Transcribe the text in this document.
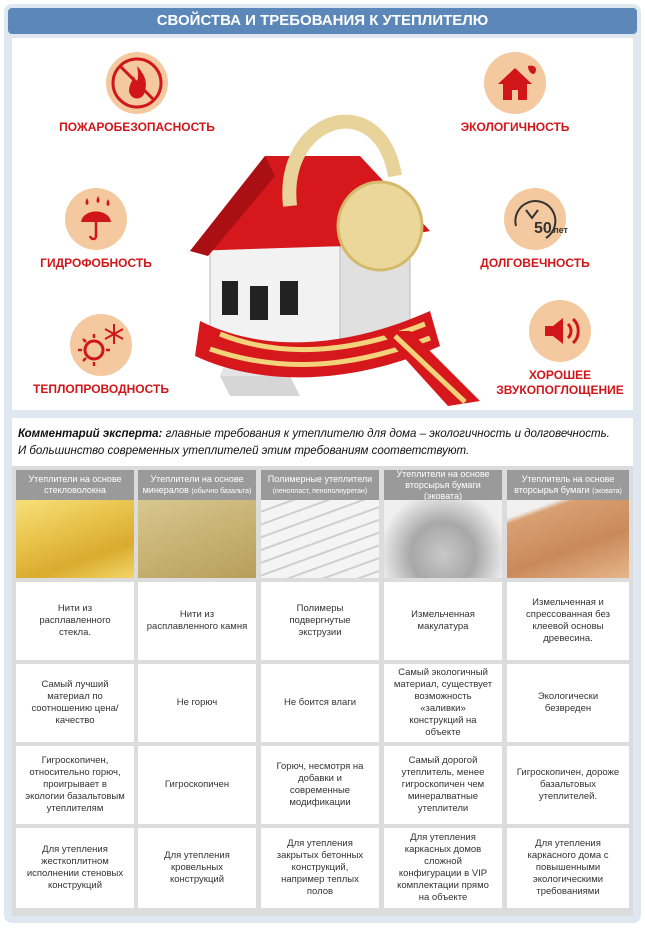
СВОЙСТВА И ТРЕБОВАНИЯ К УТЕПЛИТЕЛЮ
ПОЖАРОБЕЗОПАСНОСТЬ	ЭКОЛОГИЧНОСТЬ
ГИДРОФОБНОСТЬ
50 лет
ДОЛГОВЕЧНОСТЬ
ТЕПЛОПРОВОДНОСТЬ
ХОРОШЕЕ
ЗВУКОПОГЛОЩЕНИЕ
Комментарий эксперта: главные требования к утеплителю для дома – экологичность и долговечность.
И большинство современных утеплителей этим требованиям соответствуют.
Утеплители на основе стекловолокна
Утеплители на основе минералов (обычно базальта)
Полимерные утеплители
(пенопласт, пенополиуретан)
Утеплители на основе вторсырья бумаги (эковата)
Утеплитель на основе вторсырья бумаги (эковата)
Нити из расплавленного стекла.
Нити из расплавленного камня
Полимеры подвергнутые экструзии
Измельченная макулатура
Измельченная и спрессованная без клеевой основы древесина.
Самый лучший материал по соотношению цена/качество
Не горюч	Не боится влаги
Самый экологичный материал, существует возможность «заливки» конструкций на объекте
Экологически безвреден
Гигроскопичен, относительно горюч, проигрывает в экологии базальтовым утеплителям
Гигроскопичен
Горюч, несмотря на добавки и современные модификации
Самый дорогой утеплитель, менее гигроскопичен чем минералватные утеплители
Гигроскопичен, дороже базальтовых утеплителей.
Для утепления жесткоплитном исполнении стеновых конструкций
Для утепления кровельных конструкций
Для утепления закрытых бетонных конструкций, например теплых полов
Для утепления каркасных домов сложной конфигурации в VIP комплектации прямо на объекте
Для утепления каркасного дома с повышенными экологическими требованиями
